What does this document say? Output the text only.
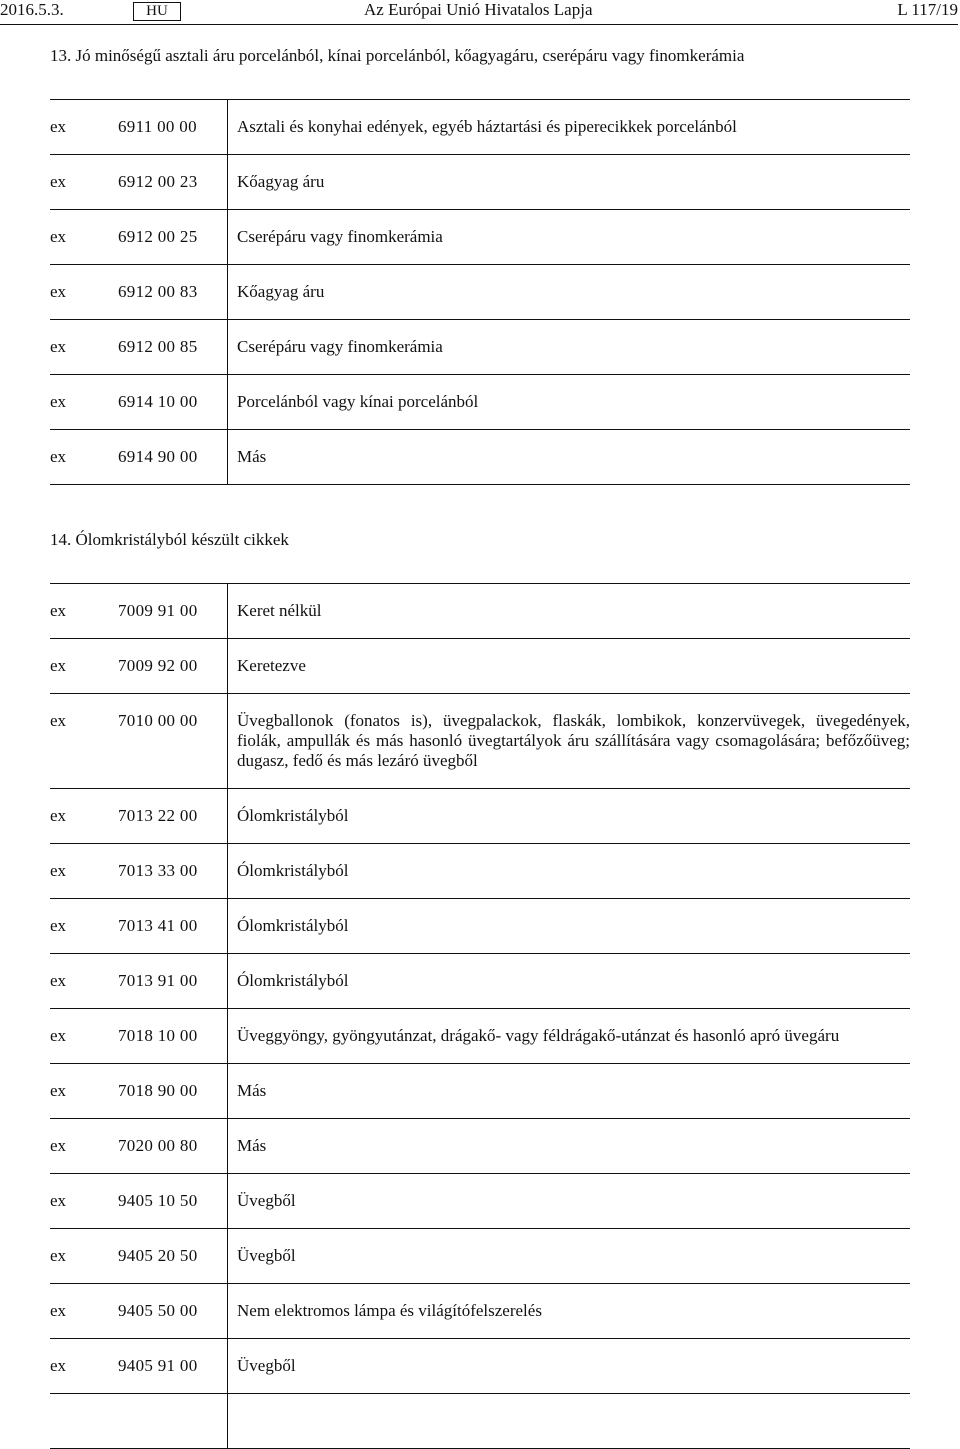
2016.5.3.	HU	Az Európai Unió Hivatalos Lapja	L 117/19
13. Jó minőségű asztali áru porcelánból, kínai porcelánból, kőagyagáru, cserépáru vagy finomkerámia
ex	6911 00 00 Asztali és konyhai edények, egyéb háztartási és piperecikkek porcelánból
ex	6912 00 23 Kőagyag áru
ex	6912 00 25 Cserépáru vagy finomkerámia
ex	6912 00 83 Kőagyag áru
ex	6912 00 85 Cserépáru vagy finomkerámia
ex	6914 10 00 Porcelánból vagy kínai porcelánból
ex	6914 90 00 Más
14. Ólomkristályból készült cikkek
ex	7009 91 00 Keret nélkül
ex	7009 92 00 Keretezve
ex	7010 00 00 Üvegballonok (fonatos is), üvegpalackok, flaskák, lombikok, konzervüvegek, üvegedények, fiolák, ampullák és más hasonló üvegtartályok áru szállítására vagy csomagolására; befőzőüveg; dugasz, fedő és más lezáró üvegből
ex	7013 22 00 Ólomkristályból
ex	7013 33 00 Ólomkristályból
ex	7013 41 00 Ólomkristályból
ex	7013 91 00 Ólomkristályból
ex	7018 10 00 Üveggyöngy, gyöngyutánzat, drágakő- vagy féldrágakő-utánzat és hasonló apró üvegáru
ex	7018 90 00 Más
ex	7020 00 80 Más
ex	9405 10 50 Üvegből
ex	9405 20 50 Üvegből
ex	9405 50 00 Nem elektromos lámpa és világítófelszerelés
ex	9405 91 00 Üvegből
